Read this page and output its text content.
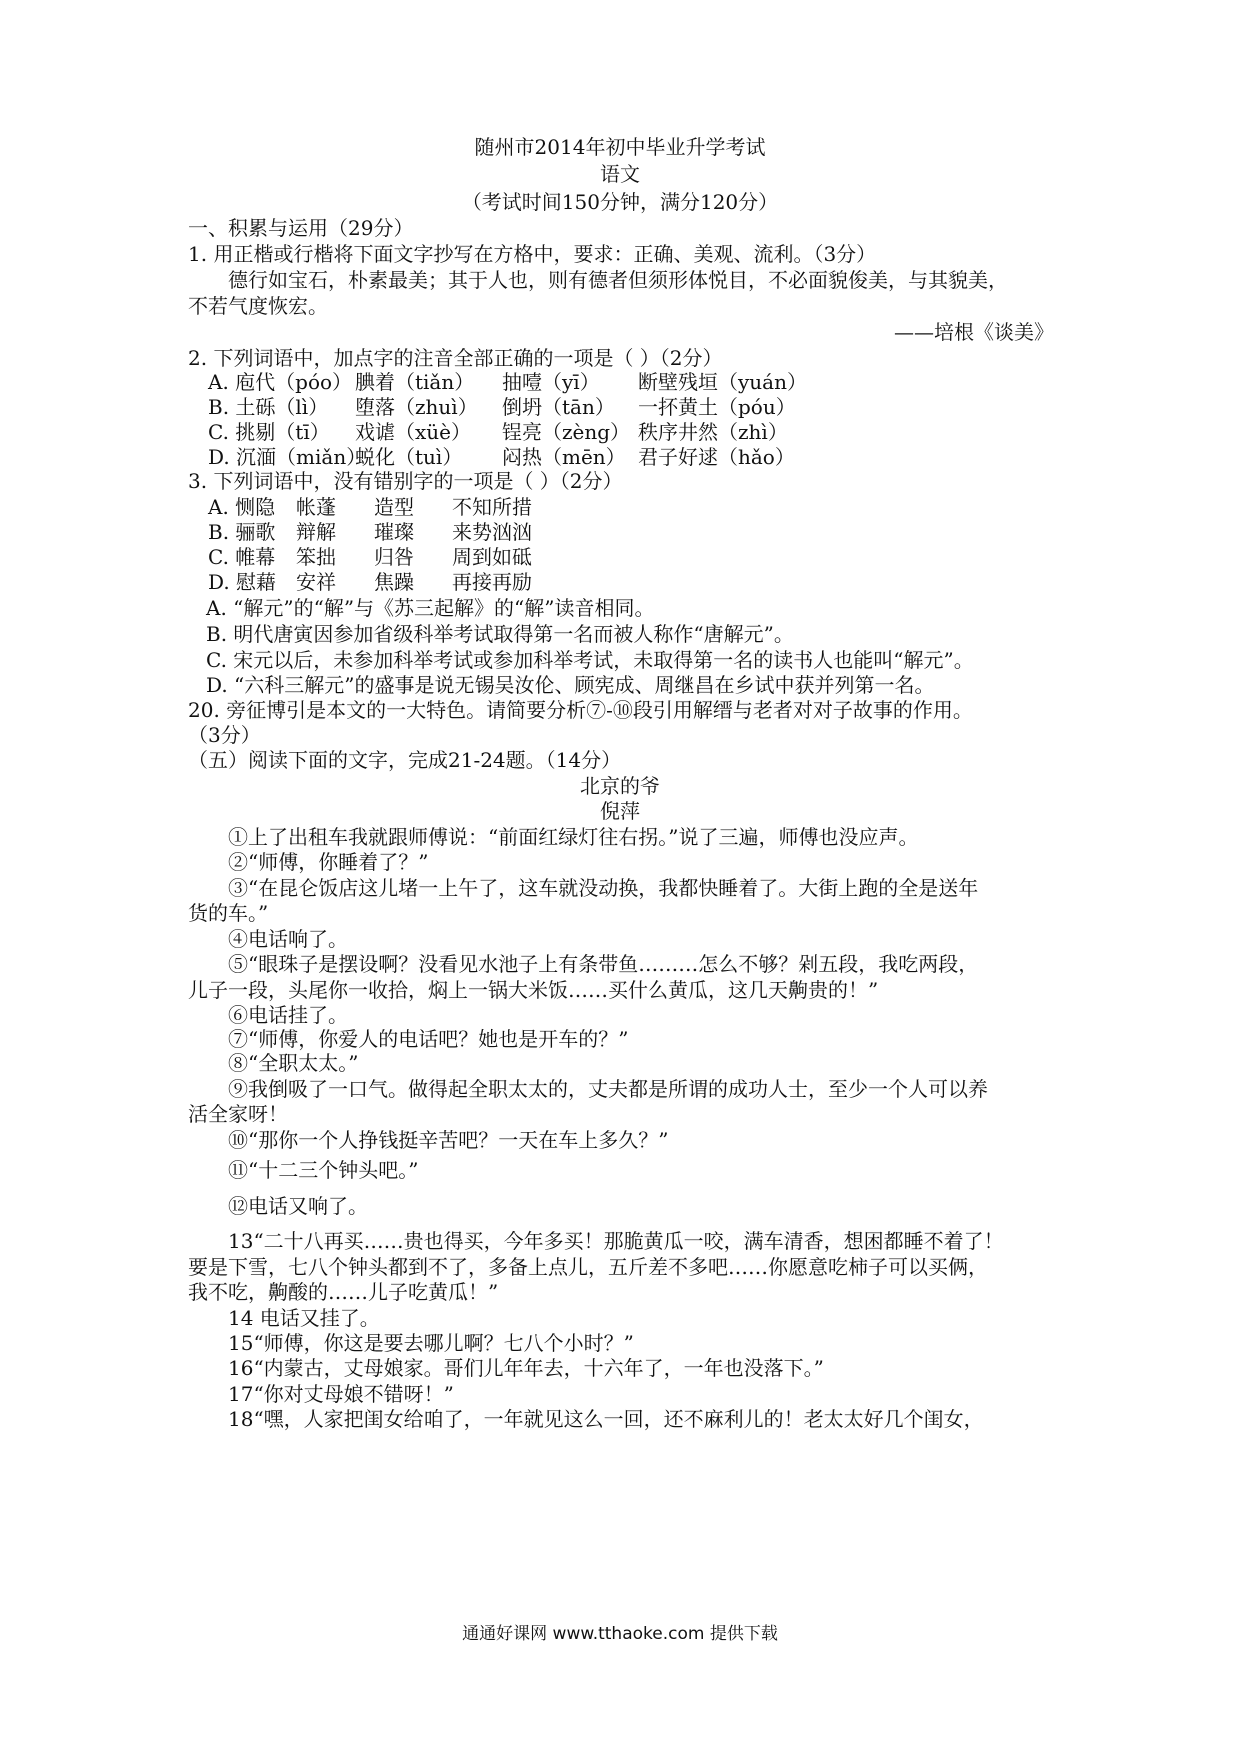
随州市2014年初中毕业升学考试
语文
（考试时间150分钟，满分120分）
一、积累与运用（29分）
1. 用正楷或行楷将下面文字抄写在方格中，要求：正确、美观、流利。（3分）
德行如宝石，朴素最美；其于人也，则有德者但须形体悦目，不必面貌俊美，与其貌美，
不若气度恢宏。
——培根《谈美》
2. 下列词语中，加点字的注音全部正确的一项是（ ）（2分）
A. 庖代（póo） 腆着（tiǎn） 抽噎（yī） 断壁残垣（yuán）
B. 土砾（lì） 堕落（zhuì） 倒坍（tān） 一抔黄土（póu）
C. 挑剔（tī） 戏谑（xüè） 锃亮（zèng） 秩序井然（zhì）
D. 沉湎（miǎn）
蜕化（tuì） 闷热（mēn） 君子好逑（hǎo）
3. 下列词语中，没有错别字的一项是（ ）（2分）
A. 恻隐 帐蓬 造型 不知所措
B. 骊歌 辩解 璀璨 来势汹汹
C. 帷幕 笨拙 归咎 周到如砥
D. 慰藉 安祥 焦躁 再接再励
A. “解元”的“解”与《苏三起解》的“解”读音相同。
B. 明代唐寅因参加省级科举考试取得第一名而被人称作“唐解元”。
C. 宋元以后，未参加科举考试或参加科举考试，未取得第一名的读书人也能叫“解元”。
D. “六科三解元”的盛事是说无锡吴汝伦、顾宪成、周继昌在乡试中获并列第一名。
20. 旁征博引是本文的一大特色。请简要分析⑦-⑩段引用解缙与老者对对子故事的作用。
（3分）
（五）阅读下面的文字，完成21-24题。（14分）
北京的爷
倪萍
①上了出租车我就跟师傅说：“前面红绿灯往右拐。”说了三遍，师傅也没应声。
②“师傅，你睡着了？”
③“在昆仑饭店这儿堵一上午了，这车就没动换，我都快睡着了。大街上跑的全是送年
货的车。”
④电话响了。
⑤“眼珠子是摆设啊？没看见水池子上有条带鱼………怎么不够？剁五段，我吃两段，
儿子一段，头尾你一收拾，焖上一锅大米饭……买什么黄瓜，这几天齁贵的！”
⑥电话挂了。
⑦“师傅，你爱人的电话吧？她也是开车的？”
⑧“全职太太。”
⑨我倒吸了一口气。做得起全职太太的，丈夫都是所谓的成功人士，至少一个人可以养
活全家呀！
⑩“那你一个人挣钱挺辛苦吧？一天在车上多久？”
⑪“十二三个钟头吧。”
⑫电话又响了。
13“二十八再买……贵也得买，今年多买！那脆黄瓜一咬，满车清香，想困都睡不着了！
要是下雪，七八个钟头都到不了，多备上点儿，五斤差不多吧……你愿意吃柿子可以买俩，
我不吃，齁酸的……儿子吃黄瓜！”
14 电话又挂了。
15“师傅，你这是要去哪儿啊？七八个小时？”
16“内蒙古，丈母娘家。哥们儿年年去，十六年了，一年也没落下。”
17“你对丈母娘不错呀！”
18“嘿，人家把闺女给咱了，一年就见这么一回，还不麻利儿的！老太太好几个闺女，
通通好课网 www.tthaoke.com 提供下载
